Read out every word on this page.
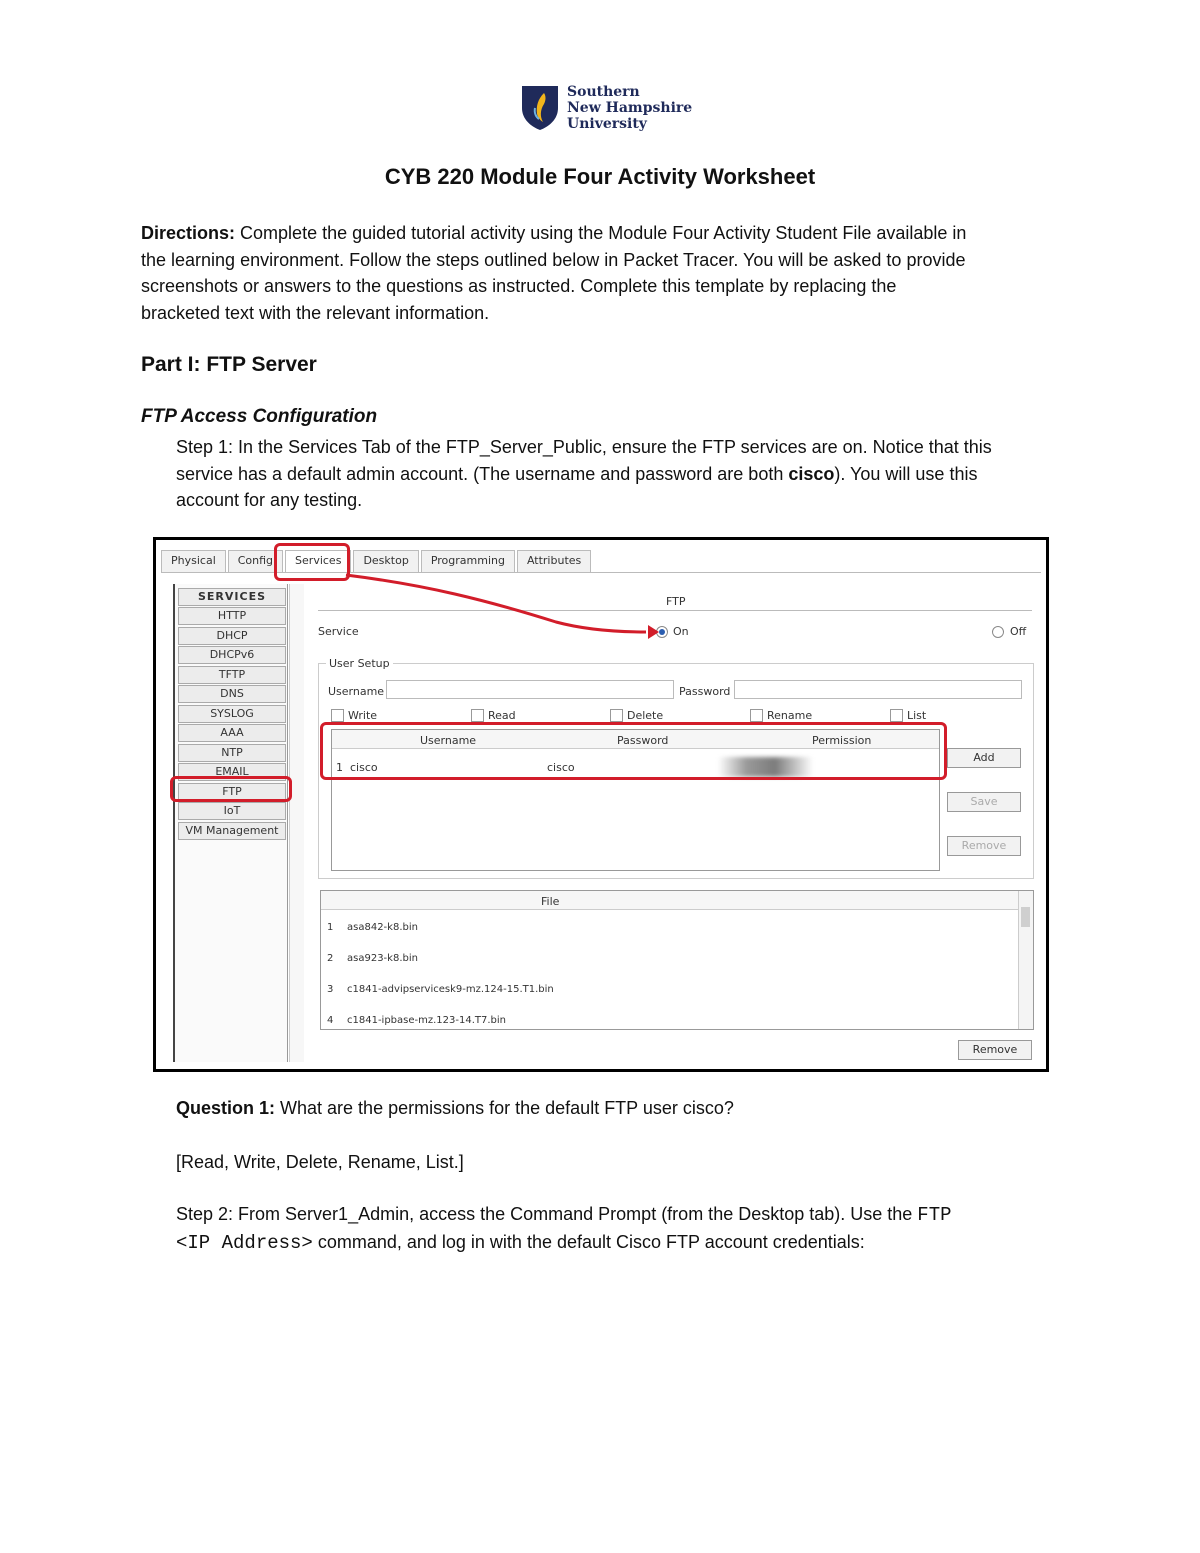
Southern
New Hampshire
University
CYB 220 Module Four Activity Worksheet
Directions: Complete the guided tutorial activity using the Module Four Activity Student File available in
the learning environment. Follow the steps outlined below in Packet Tracer. You will be asked to provide
screenshots or answers to the questions as instructed. Complete this template by replacing the
bracketed text with the relevant information.
Part I: FTP Server
FTP Access Configuration
Step 1: In the Services Tab of the FTP_Server_Public, ensure the FTP services are on. Notice that this
service has a default admin account. (The username and password are both cisco). You will use this
account for any testing.
Physical	Config	Services	Desktop	Programming	Attributes
SERVICES
HTTP
DHCP
DHCPv6
TFTP
DNS
SYSLOG
AAA
NTP
EMAIL
FTP
IoT
VM Management
FTP
Service	On	Off
User Setup
Username	Password
Write	Read	Delete	Rename	List
Username	Password	Permission
1 cisco	cisco
Add
Save
Remove
File
1 asa842-k8.bin
2 asa923-k8.bin
3 c1841-advipservicesk9-mz.124-15.T1.bin
4 c1841-ipbase-mz.123-14.T7.bin
Remove
Question 1: What are the permissions for the default FTP user cisco?
[Read, Write, Delete, Rename, List.]
Step 2: From Server1_Admin, access the Command Prompt (from the Desktop tab). Use the FTP
<IP Address> command, and log in with the default Cisco FTP account credentials:
